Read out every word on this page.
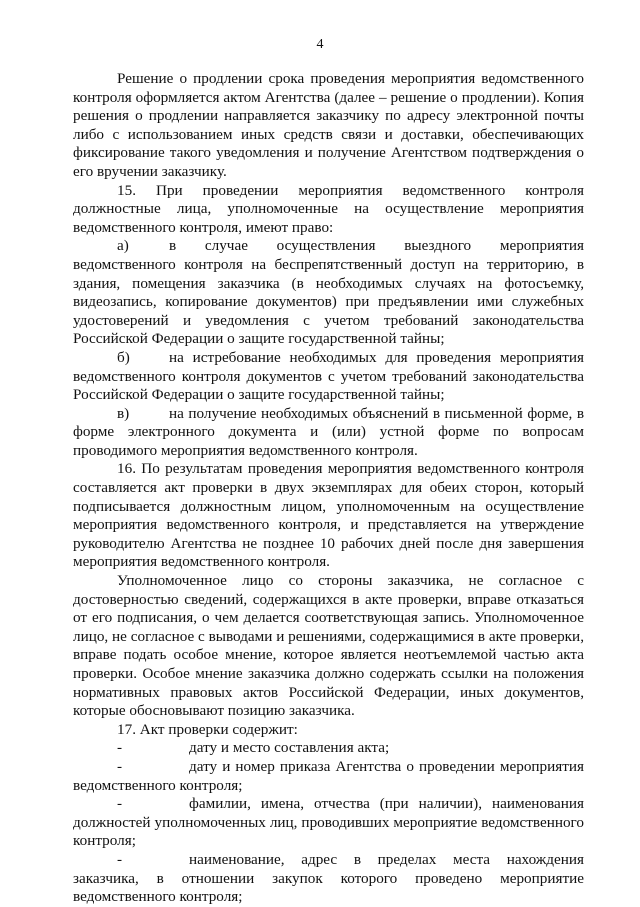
4

Решение о продлении срока проведения мероприятия ведомственного контроля оформляется актом Агентства (далее – решение о продлении). Копия решения о продлении направляется заказчику по адресу электронной почты либо с использованием иных средств связи и доставки, обеспечивающих фиксирование такого уведомления и получение Агентством подтверждения о его вручении заказчику.

15. При проведении мероприятия ведомственного контроля должностные лица, уполномоченные на осуществление мероприятия ведомственного контроля, имеют право:

а)	в случае осуществления выездного мероприятия ведомственного контроля на беспрепятственный доступ на территорию, в здания, помещения заказчика (в необходимых случаях на фотосъемку, видеозапись, копирование документов) при предъявлении ими служебных удостоверений и уведомления с учетом требований законодательства Российской Федерации о защите государственной тайны;

б)	на истребование необходимых для проведения мероприятия ведомственного контроля документов с учетом требований законодательства Российской Федерации о защите государственной тайны;

в)	на получение необходимых объяснений в письменной форме, в форме электронного документа и (или) устной форме по вопросам проводимого мероприятия ведомственного контроля.

16. По результатам проведения мероприятия ведомственного контроля составляется акт проверки в двух экземплярах для обеих сторон, который подписывается должностным лицом, уполномоченным на осуществление мероприятия ведомственного контроля, и представляется на утверждение руководителю Агентства не позднее 10 рабочих дней после дня завершения мероприятия ведомственного контроля.

Уполномоченное лицо со стороны заказчика, не согласное с достоверностью сведений, содержащихся в акте проверки, вправе отказаться от его подписания, о чем делается соответствующая запись. Уполномоченное лицо, не согласное с выводами и решениями, содержащимися в акте проверки, вправе подать особое мнение, которое является неотъемлемой частью акта проверки. Особое мнение заказчика должно содержать ссылки на положения нормативных правовых актов Российской Федерации, иных документов, которые обосновывают позицию заказчика.

17. Акт проверки содержит:

-	дату и место составления акта;

-	дату и номер приказа Агентства о проведении мероприятия ведомственного контроля;

-	фамилии, имена, отчества (при наличии), наименования должностей уполномоченных лиц, проводивших мероприятие ведомственного контроля;

-	наименование, адрес в пределах места нахождения заказчика, в отношении закупок которого проведено мероприятие ведомственного контроля;
